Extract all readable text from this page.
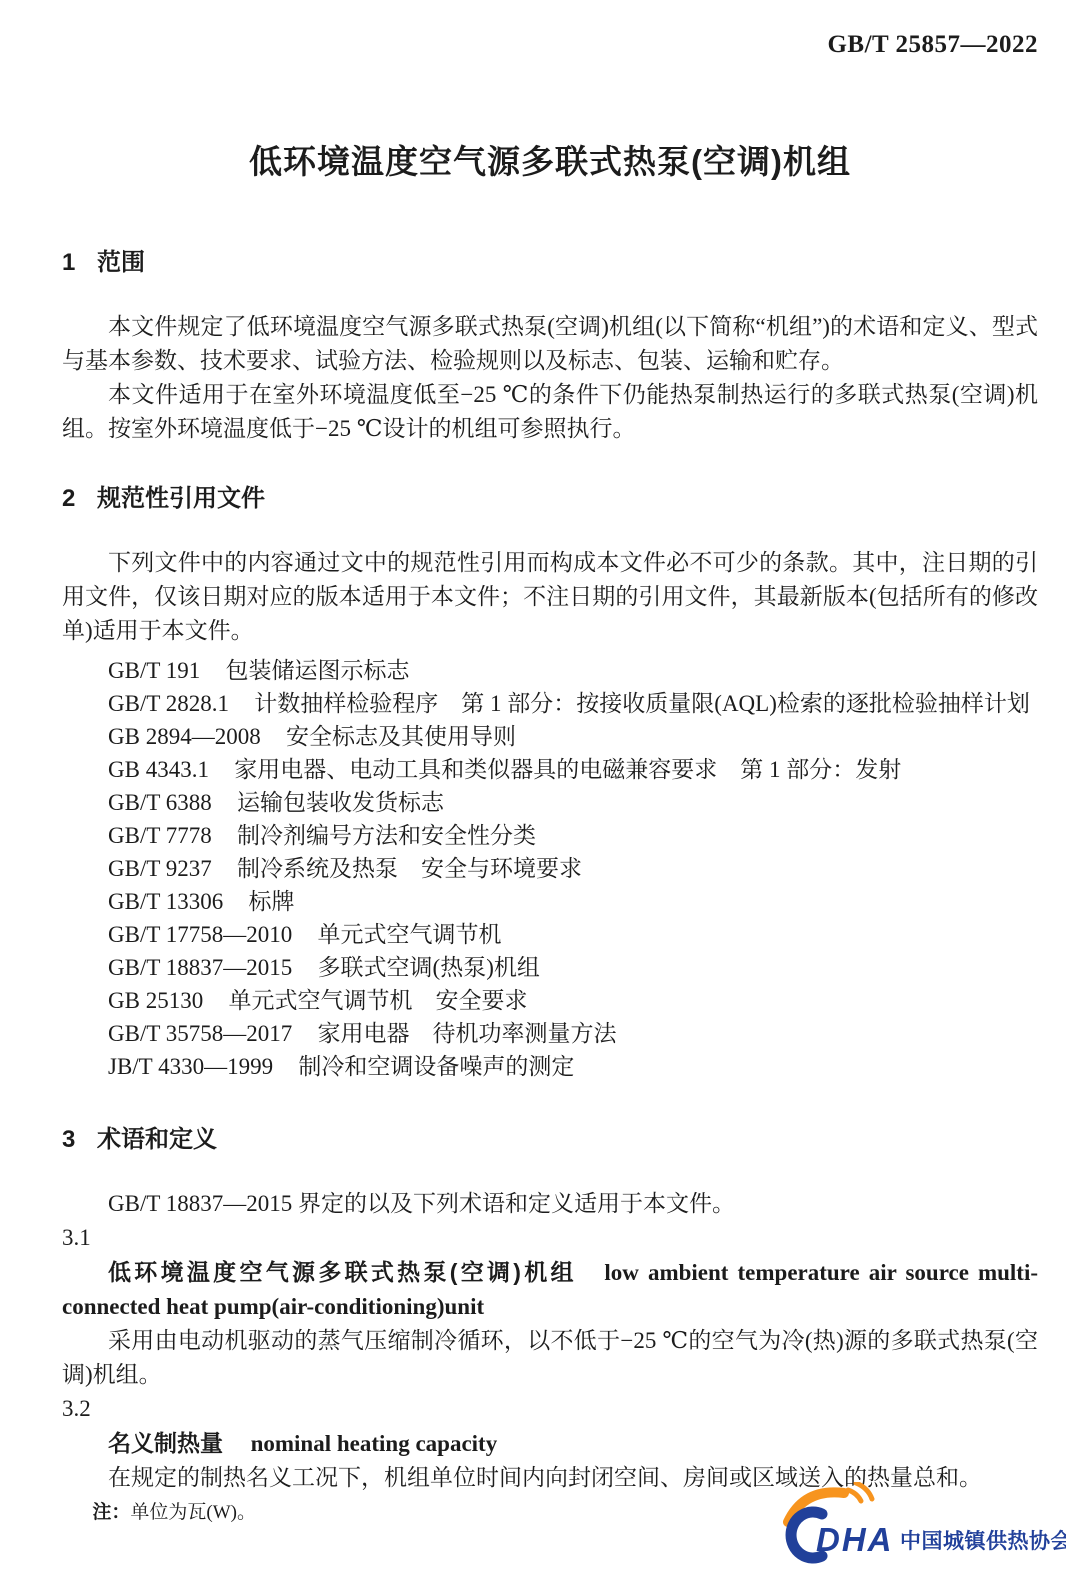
GB/T 25857—2022
低环境温度空气源多联式热泵(空调)机组
1 范围

本文件规定了低环境温度空气源多联式热泵(空调)机组(以下简称“机组”)的术语和定义、型式与基本参数、技术要求、试验方法、检验规则以及标志、包装、运输和贮存。

本文件适用于在室外环境温度低至−25 ℃的条件下仍能热泵制热运行的多联式热泵(空调)机组。按室外环境温度低于−25 ℃设计的机组可参照执行。

2 规范性引用文件

下列文件中的内容通过文中的规范性引用而构成本文件必不可少的条款。其中，注日期的引用文件，仅该日期对应的版本适用于本文件；不注日期的引用文件，其最新版本(包括所有的修改单)适用于本文件。

GB/T 191 包装储运图示标志
GB/T 2828.1 计数抽样检验程序　第 1 部分：按接收质量限(AQL)检索的逐批检验抽样计划
GB 2894—2008 安全标志及其使用导则
GB 4343.1 家用电器、电动工具和类似器具的电磁兼容要求　第 1 部分：发射
GB/T 6388 运输包装收发货标志
GB/T 7778 制冷剂编号方法和安全性分类
GB/T 9237 制冷系统及热泵　安全与环境要求
GB/T 13306 标牌
GB/T 17758—2010 单元式空气调节机
GB/T 18837—2015 多联式空调(热泵)机组
GB 25130 单元式空气调节机　安全要求
GB/T 35758—2017 家用电器　待机功率测量方法
JB/T 4330—1999 制冷和空调设备噪声的测定
3 术语和定义

GB/T 18837—2015 界定的以及下列术语和定义适用于本文件。

3.1

低环境温度空气源多联式热泵(空调)机组 low ambient temperature air source multi-connected heat pump(air-conditioning)unit

采用由电动机驱动的蒸气压缩制冷循环，以不低于−25 ℃的空气为冷(热)源的多联式热泵(空调)机组。

3.2

名义制热量 nominal heating capacity

在规定的制热名义工况下，机组单位时间内向封闭空间、房间或区域送入的热量总和。

注：单位为瓦(W)。

DHA 中国城镇供热协会
